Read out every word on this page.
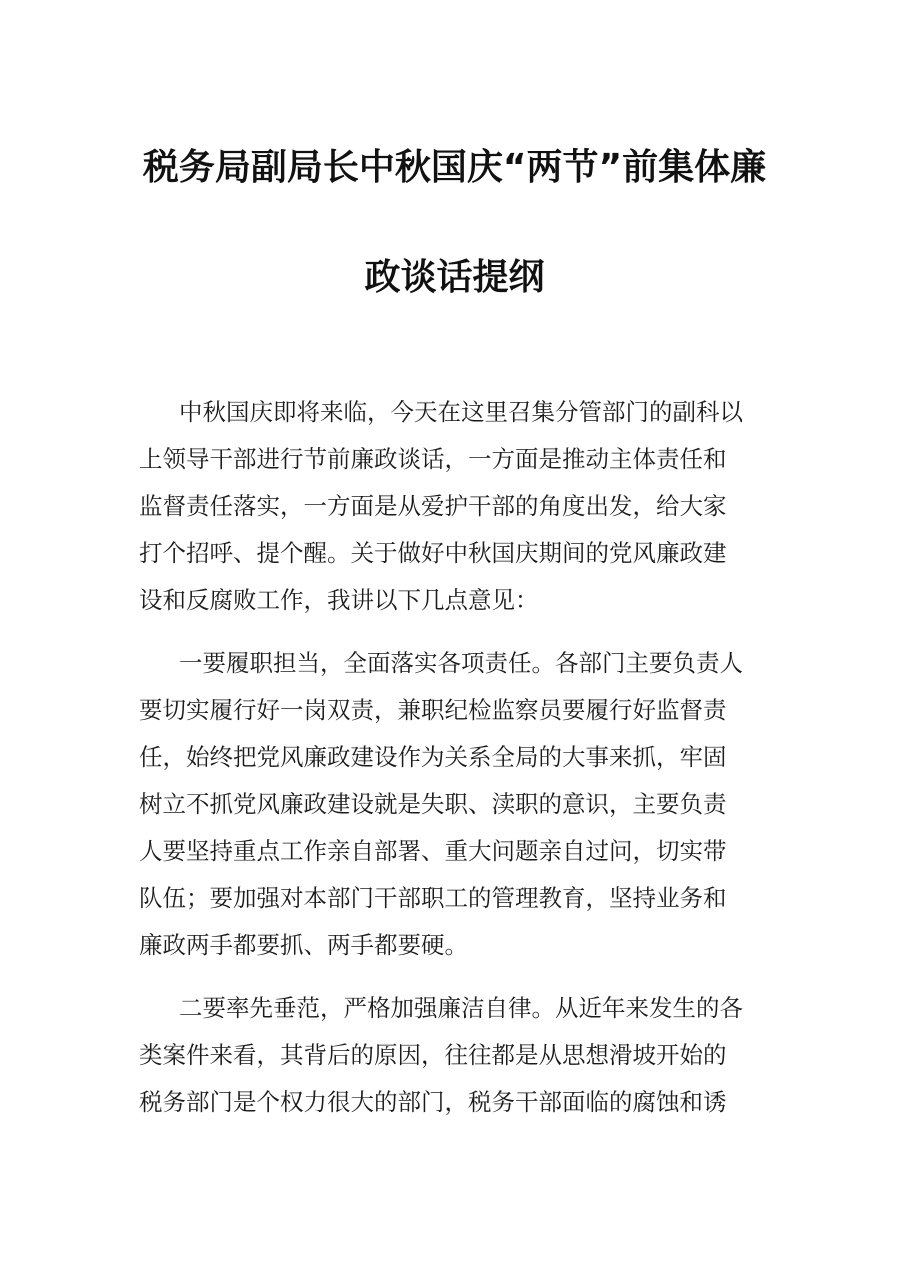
税务局副局长中秋国庆“两节”前集体廉
政谈话提纲
中秋国庆即将来临，今天在这里召集分管部门的副科以
上领导干部进行节前廉政谈话，一方面是推动主体责任和
监督责任落实，一方面是从爱护干部的角度出发，给大家
打个招呼、提个醒。关于做好中秋国庆期间的党风廉政建
设和反腐败工作，我讲以下几点意见：
一要履职担当，全面落实各项责任。各部门主要负责人
要切实履行好一岗双责，兼职纪检监察员要履行好监督责
任，始终把党风廉政建设作为关系全局的大事来抓，牢固
树立不抓党风廉政建设就是失职、渎职的意识，主要负责
人要坚持重点工作亲自部署、重大问题亲自过问，切实带
队伍；要加强对本部门干部职工的管理教育，坚持业务和
廉政两手都要抓、两手都要硬。
二要率先垂范，严格加强廉洁自律。从近年来发生的各
类案件来看，其背后的原因，往往都是从思想滑坡开始的
税务部门是个权力很大的部门，税务干部面临的腐蚀和诱
